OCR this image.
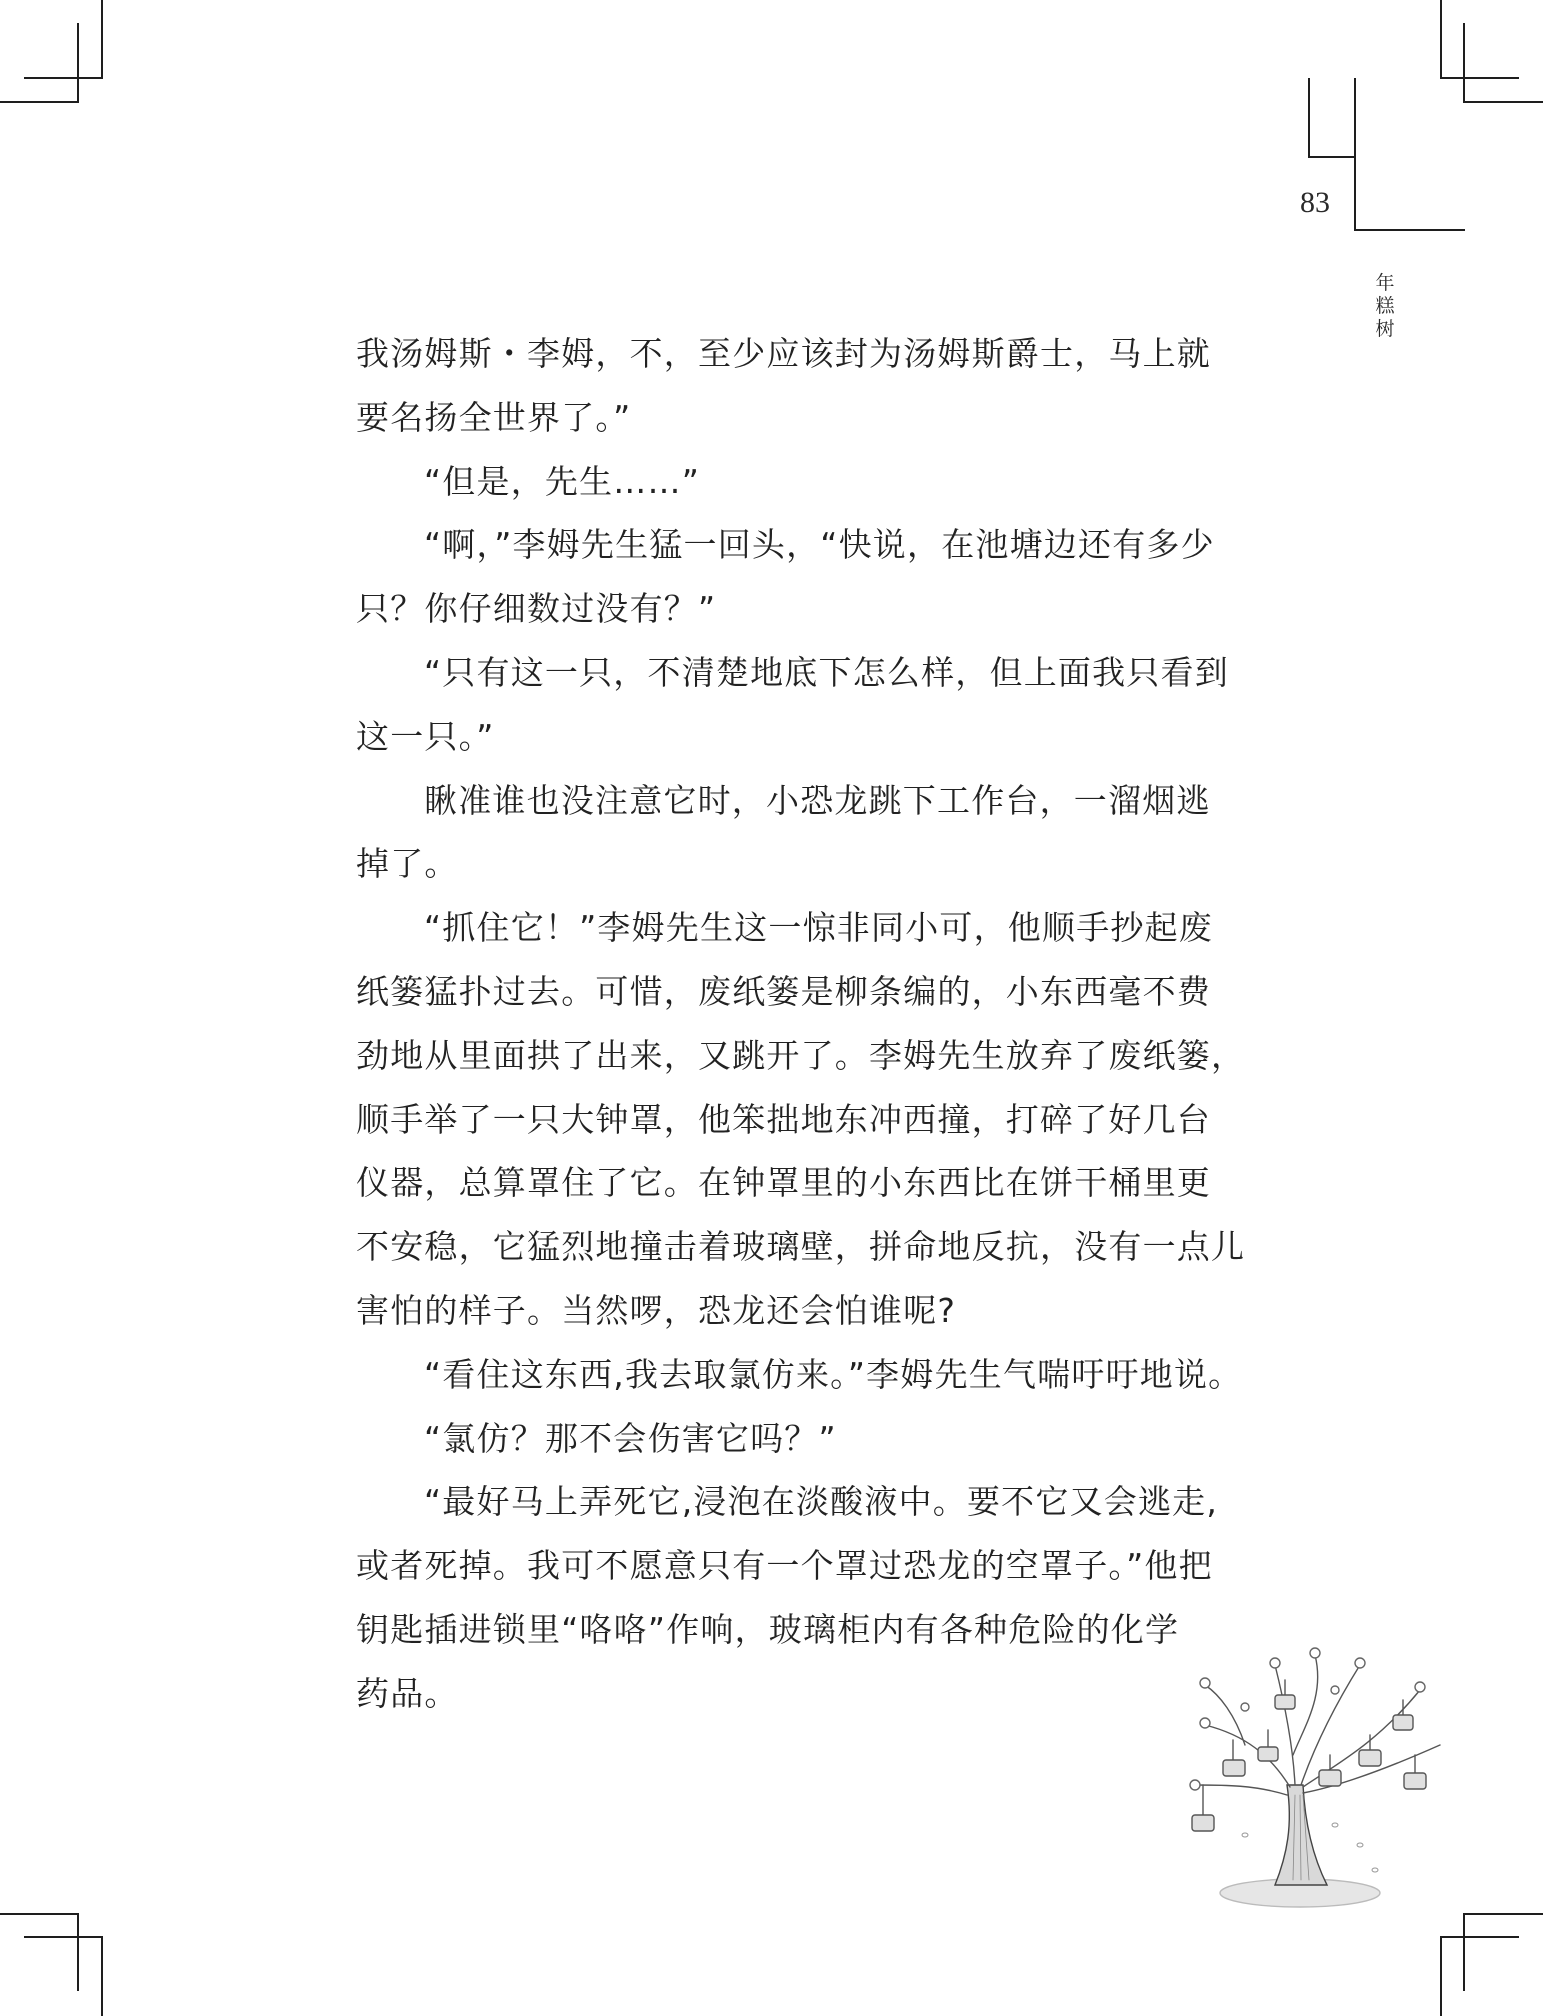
83
年
糕
树
我汤姆斯・李姆，不，至少应该封为汤姆斯爵士，马上就
要名扬全世界了。”
“但是，先生……”
“啊，”李姆先生猛一回头，“快说，在池塘边还有多少
只？你仔细数过没有？”
“只有这一只，不清楚地底下怎么样，但上面我只看到
这一只。”
瞅准谁也没注意它时，小恐龙跳下工作台，一溜烟逃
掉了。
“抓住它！”李姆先生这一惊非同小可，他顺手抄起废
纸篓猛扑过去。可惜，废纸篓是柳条编的，小东西毫不费
劲地从里面拱了出来，又跳开了。李姆先生放弃了废纸篓，
顺手举了一只大钟罩，他笨拙地东冲西撞，打碎了好几台
仪器，总算罩住了它。在钟罩里的小东西比在饼干桶里更
不安稳，它猛烈地撞击着玻璃壁，拼命地反抗，没有一点儿
害怕的样子。当然啰，恐龙还会怕谁呢?
“看住这东西,我去取氯仿来。”李姆先生气喘吁吁地说。
“氯仿？那不会伤害它吗？”
“最好马上弄死它,浸泡在淡酸液中。要不它又会逃走,
或者死掉。我可不愿意只有一个罩过恐龙的空罩子。”他把
钥匙插进锁里“咯咯”作响，玻璃柜内有各种危险的化学
药品。
